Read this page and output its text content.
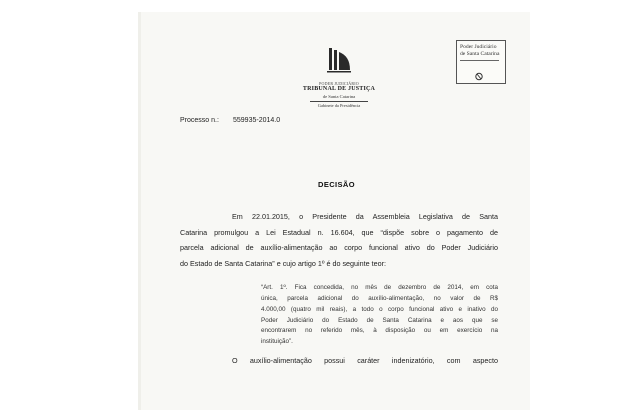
PODER JUDICIÁRIO
TRIBUNAL DE JUSTIÇA
de Santa Catarina
Gabinete da Presidência
Poder Judiciário
de Santa Catarina
Processo n.: 559935-2014.0
DECISÃO
Em 22.01.2015, o Presidente da Assembleia Legislativa de Santa
Catarina promulgou a Lei Estadual n. 16.604, que “dispõe sobre o pagamento de
parcela adicional de auxílio-alimentação ao corpo funcional ativo do Poder Judiciário
do Estado de Santa Catarina” e cujo artigo 1º é do seguinte teor:
“Art. 1º. Fica concedida, no mês de dezembro de 2014, em cota
única, parcela adicional do auxílio-alimentação, no valor de R$
4.000,00 (quatro mil reais), a todo o corpo funcional ativo e inativo do
Poder Judiciário do Estado de Santa Catarina e aos que se
encontrarem no referido mês, à disposição ou em exercício na
instituição”.
O auxílio-alimentação possui caráter indenizatório, com aspecto
